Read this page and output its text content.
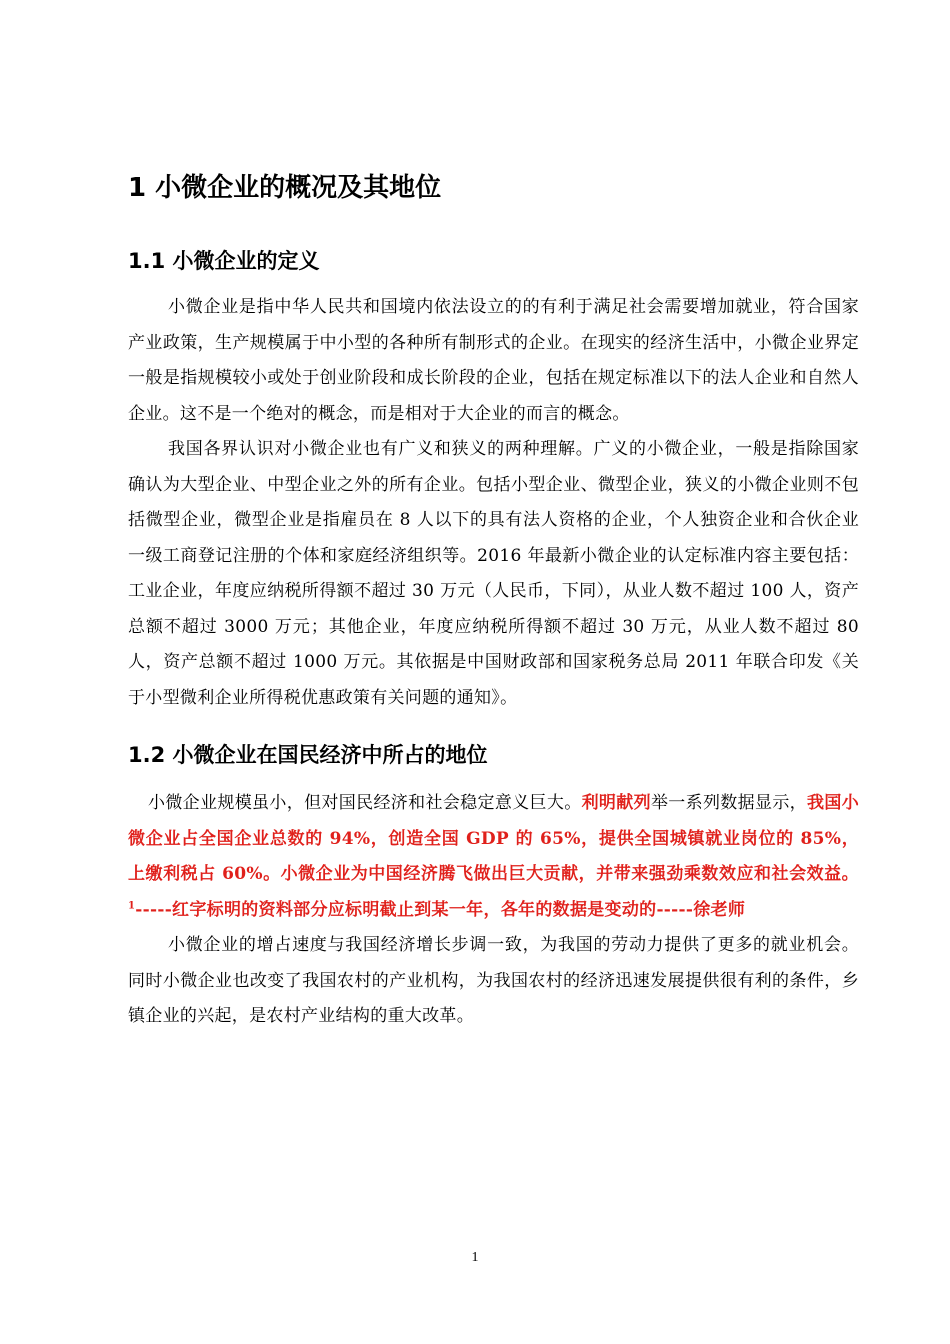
1 小微企业的概况及其地位
1.1 小微企业的定义

小微企业是指中华人民共和国境内依法设立的的有利于满足社会需要增加就业，符合国家产业政策，生产规模属于中小型的各种所有制形式的企业。在现实的经济生活中，小微企业界定一般是指规模较小或处于创业阶段和成长阶段的企业，包括在规定标准以下的法人企业和自然人企业。这不是一个绝对的概念，而是相对于大企业的而言的概念。

我国各界认识对小微企业也有广义和狭义的两种理解。广义的小微企业，一般是指除国家确认为大型企业、中型企业之外的所有企业。包括小型企业、微型企业，狭义的小微企业则不包括微型企业，微型企业是指雇员在 8 人以下的具有法人资格的企业，个人独资企业和合伙企业一级工商登记注册的个体和家庭经济组织等。2016 年最新小微企业的认定标准内容主要包括：工业企业，年度应纳税所得额不超过 30 万元（人民币，下同），从业人数不超过 100 人，资产总额不超过 3000 万元；其他企业，年度应纳税所得额不超过 30 万元，从业人数不超过 80 人，资产总额不超过 1000 万元。其依据是中国财政部和国家税务总局 2011 年联合印发《关于小型微利企业所得税优惠政策有关问题的通知》。

1.2 小微企业在国民经济中所占的地位

小微企业规模虽小，但对国民经济和社会稳定意义巨大。利明献列举一系列数据显示，我国小微企业占全国企业总数的 94%，创造全国 GDP 的 65%，提供全国城镇就业岗位的 85%，上缴利税占 60%。小微企业为中国经济腾飞做出巨大贡献，并带来强劲乘数效应和社会效益。$^1$-----红字标明的资料部分应标明截止到某一年，各年的数据是变动的-----徐老师

小微企业的增占速度与我国经济增长步调一致，为我国的劳动力提供了更多的就业机会。同时小微企业也改变了我国农村的产业机构，为我国农村的经济迅速发展提供很有利的条件，乡镇企业的兴起，是农村产业结构的重大改革。

1
